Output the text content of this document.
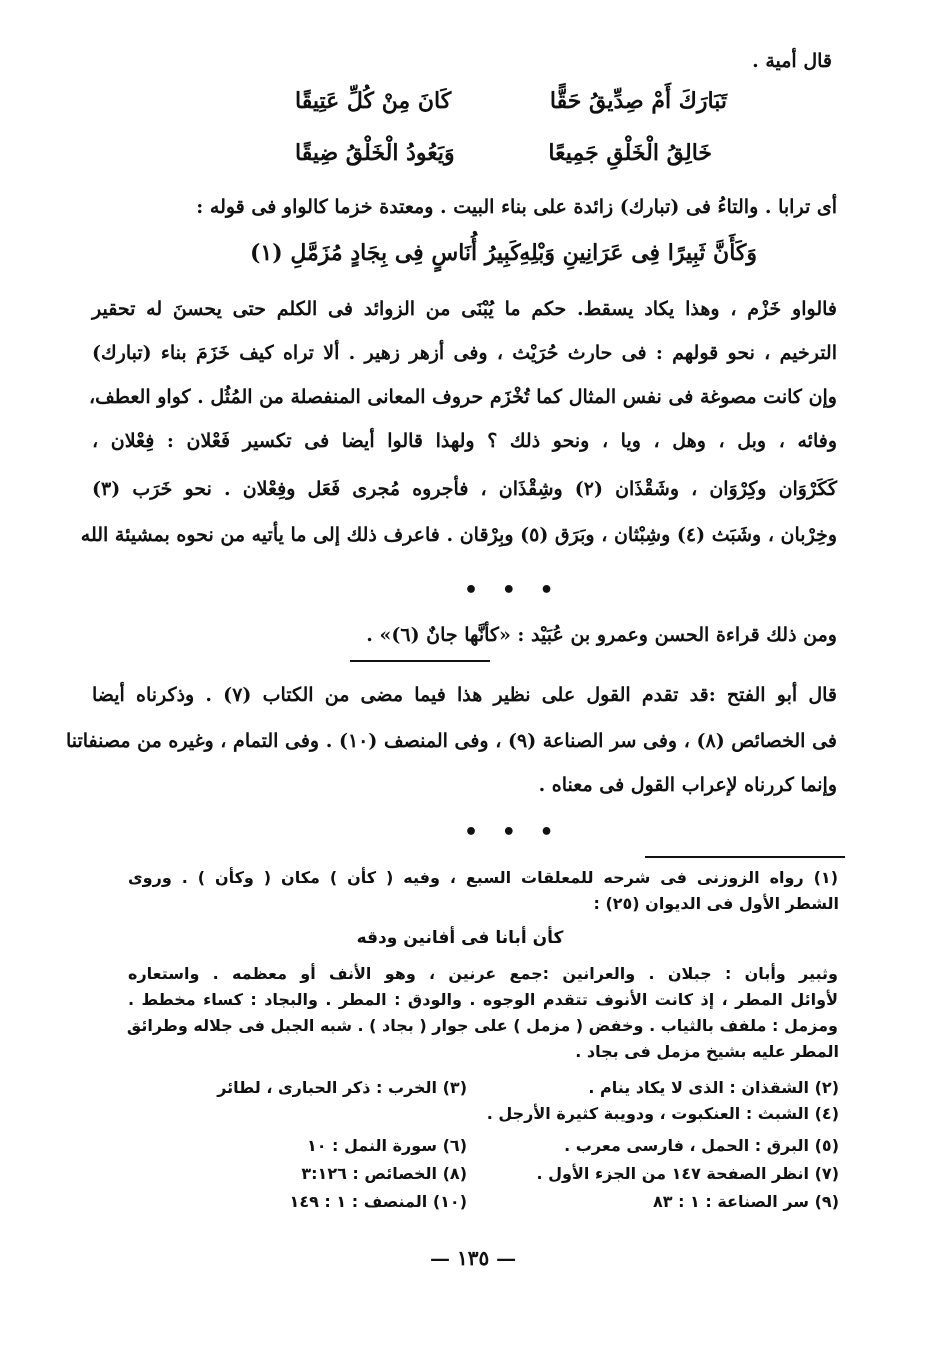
قال أمية .
تَبَارَكَ أَمْ صِدِّيقُ حَقًّا
كَانَ مِنْ كُلِّ عَتِيقًا
خَالِقُ الْخَلْقِ جَمِيعًا
وَيَعُودُ الْخَلْقُ ضِيقًا
أى ترابا . والتاءُ فى (تبارك) زائدة على بناء البيت . ومعتدة خزما كالواو فى قوله :
وَكَأَنَّ ثَبِيرًا فِى عَرَانِينِ وَبْلِهِ
كَبِيرُ أُنَاسٍ فِى بِجَادٍ مُزَمَّلِ (١)
فالواو خَزْم ، وهذا يكاد يسقط. حكم ما يُبْنَى من الزوائد فى الكلم حتى يحسنَ له تحقير
الترخيم ، نحو قولهم : فى حارث حُرَيْث ، وفى أزهر زهير . ألا تراه كيف خَزَمَ بناء (تبارك)
وإن كانت مصوغة فى نفس المثال كما تُخْزَم حروف المعانى المنفصلة من المُثُل . كواو العطف،
وفائه ، وبل ، وهل ، ويا ، ونحو ذلك ؟ ولهذا قالوا أيضا فى تكسير فَعْلان : فِعْلان ،
كَكَرْوَان وكِرْوَان ، وشَقْذَان (٢) وشِقْذَان ، فأجروه مُجرى فَعَل وفِعْلان . نحو خَرَب (٣)
وخِرْبان ، وشَبَث (٤) وشِبْثان ، وبَرَق (٥) وبِرْقان . فاعرف ذلك إلى ما يأتيه من نحوه بمشيئة الله
• • •
ومن ذلك قراءة الحسن وعمرو بن عُبَيْد : «كأنَّها جانٌ (٦)» .
قال أبو الفتح :قد تقدم القول على نظير هذا فيما مضى من الكتاب (٧) . وذكرناه أيضا
فى الخصائص (٨) ، وفى سر الصناعة (٩) ، وفى المنصف (١٠) . وفى التمام ، وغيره من مصنفاتنا
وإنما كررناه لإعراب القول فى معناه .
• • •
(١) رواه الزوزنى فى شرحه للمعلقات السبع ، وفيه ( كأن ) مكان ( وكأن ) . وروى
الشطر الأول فى الديوان (٢٥) :
كأن أبانا فى أفانين ودقه
وثبير وأبان : جبلان . والعرانين :جمع عرنين ، وهو الأنف أو معظمه . واستعاره
لأوائل المطر ، إذ كانت الأنوف تتقدم الوجوه . والودق : المطر . والبجاد : كساء مخطط .
ومزمل : ملفف بالثياب . وخفض ( مزمل ) على جوار ( بجاد ) . شبه الجبل فى جلاله وطرائق
المطر عليه بشيخ مزمل فى بجاد .
(٢) الشقذان : الذى لا يكاد ينام .
(٣) الخرب : ذكر الحبارى ، لطائر
(٤) الشبث : العنكبوت ، ودويبة كثيرة الأرجل .
(٥) البرق : الحمل ، فارسى معرب .
(٦) سورة النمل : ١٠
(٧) انظر الصفحة ١٤٧ من الجزء الأول .
(٨) الخصائص : ٣:١٢٦
(٩) سر الصناعة : ١ : ٨٣
(١٠) المنصف : ١ : ١٤٩
— ١٣٥ —
